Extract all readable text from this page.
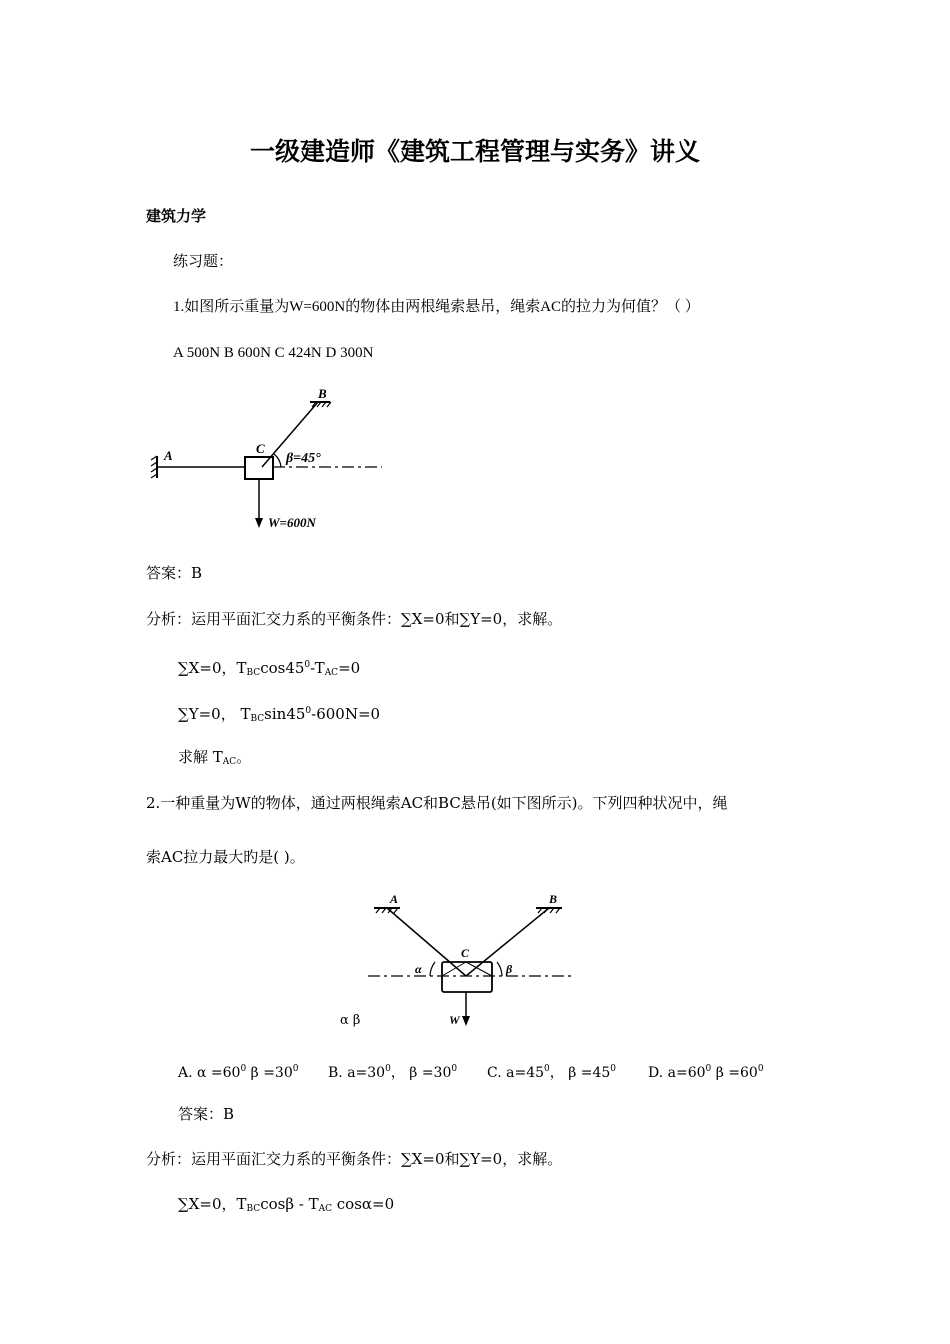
一级建造师《建筑工程管理与实务》讲义
建筑力学
练习题：
1.如图所示重量为W=600N的物体由两根绳索悬吊，绳索AC的拉力为何值？（ ）
A 500N B 600N C 424N D 300N
A
B
C
β=45°
W=600N
答案：B
分析：运用平面汇交力系的平衡条件：∑X=0和∑Y=0，求解。
∑X=0，$T_{BC}\cos 45^0-T_{AC}=0$
∑Y=0， $T_{BC}\sin 45^0-600N=0$
求解 $T_{AC}$。
2.一种重量为W的物体，通过两根绳索AC和BC悬吊(如下图所示)。下列四种状况中，绳
索AC拉力最大旳是( )。
A	B
C
α	β
W
α β
A. $\alpha =60^0$ $\beta =30^0$ B. $a=30^0$， $\beta =30^0$ C. $a=45^0$， $\beta =45^0$ D. $a=60^0$ $\beta =60^0$
答案：B
分析：运用平面汇交力系的平衡条件：∑X=0和∑Y=0，求解。
∑X=0，$T_{BC}\cos\beta - T_{AC}$ cosα=0
